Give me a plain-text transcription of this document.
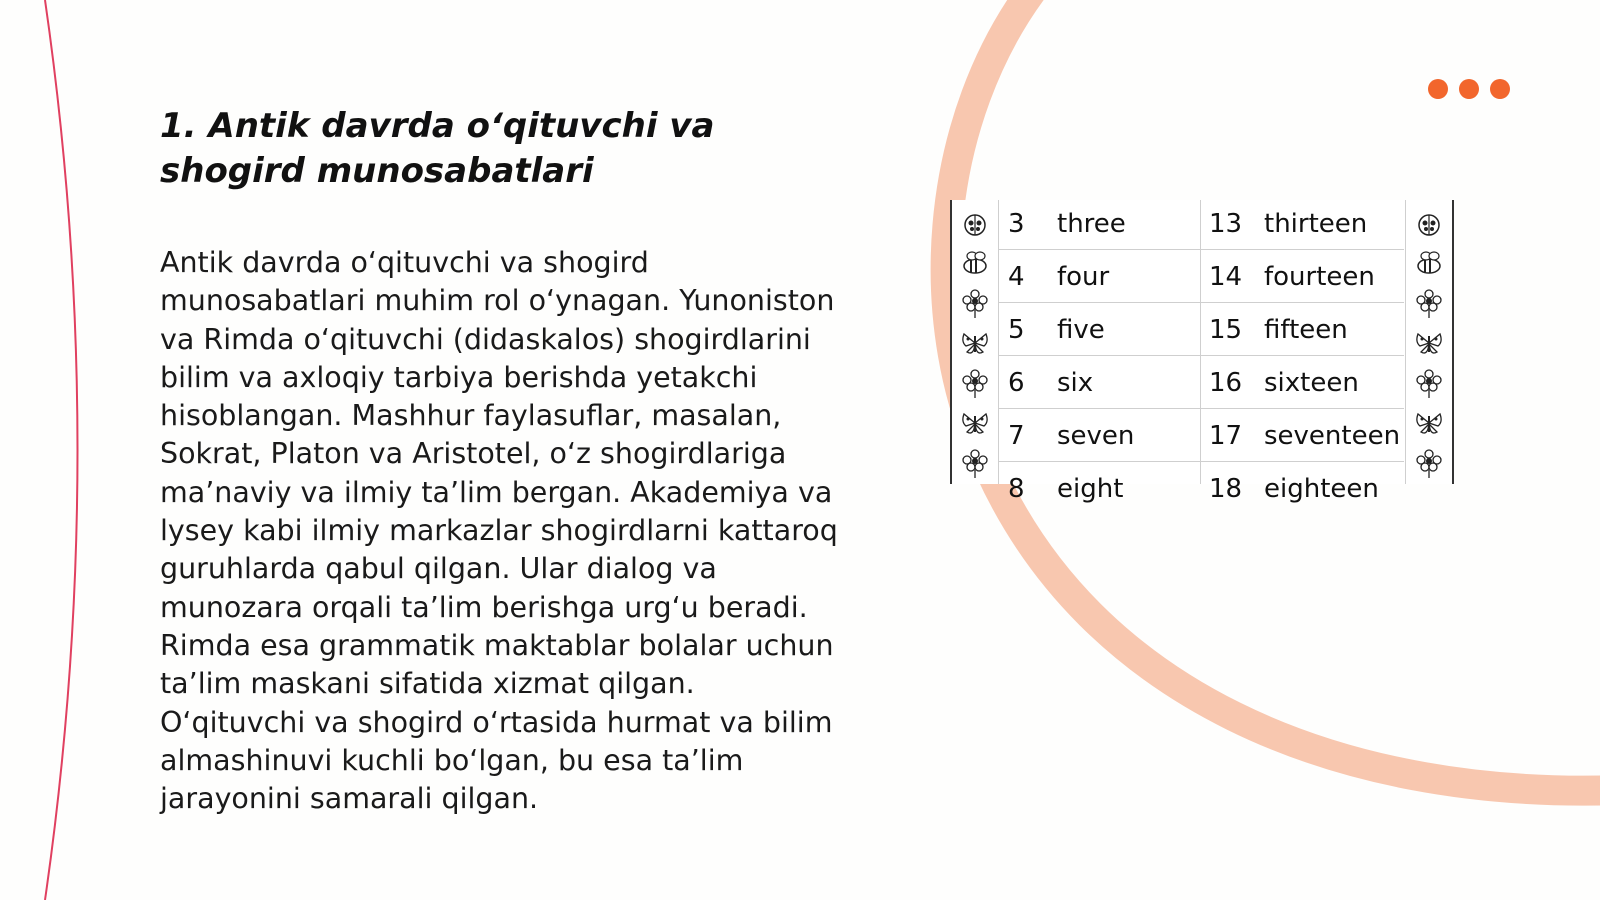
1. Antik davrda o‘qituvchi va shogird munosabatlari

Antik davrda o‘qituvchi va shogird munosabatlari muhim rol o‘ynagan. Yunoniston va Rimda o‘qituvchi (didaskalos) shogirdlarini bilim va axloqiy tarbiya berishda yetakchi hisoblangan. Mashhur faylasuflar, masalan, Sokrat, Platon va Aristotel, o‘z shogirdlariga ma’naviy va ilmiy ta’lim bergan. Akademiya va lysey kabi ilmiy markazlar shogirdlarni kattaroq guruhlarda qabul qilgan. Ular dialog va munozara orqali ta’lim berishga urg‘u beradi. Rimda esa grammatik maktablar bolalar uchun ta’lim maskani sifatida xizmat qilgan. O‘qituvchi va shogird o‘rtasida hurmat va bilim almashinuvi kuchli bo‘lgan, bu esa ta’lim jarayonini samarali qilgan.

3 three	13 thirteen
4 four	14 fourteen
5 five	15 fifteen
6 six	16 sixteen
7 seven	17 seventeen
8 eight	18 eighteen
